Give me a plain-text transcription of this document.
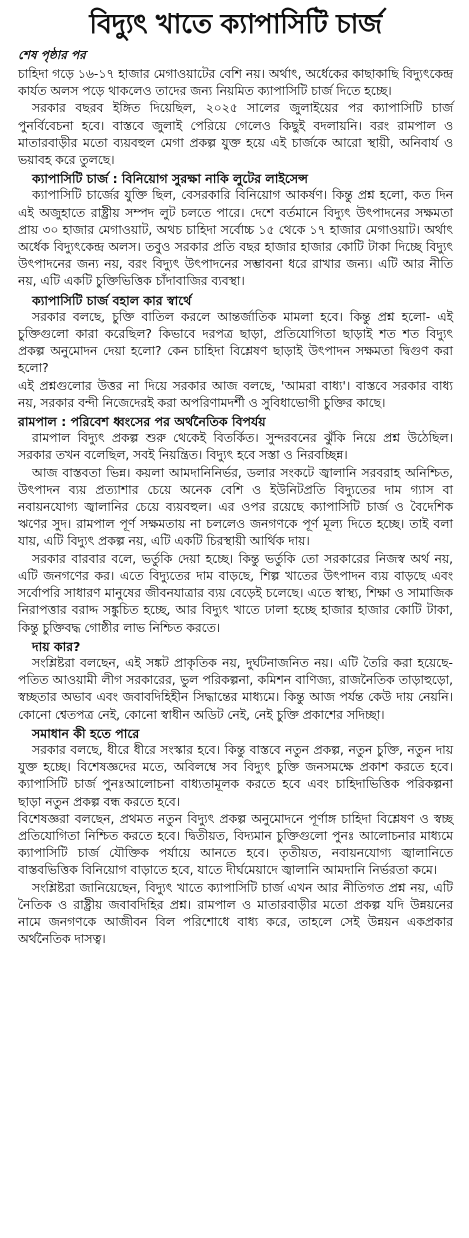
বিদ্যুৎ খাতে ক্যাপাসিটি চার্জ
শেষ পৃষ্ঠার পর

চাহিদা গড়ে ১৬-১৭ হাজার মেগাওয়াটের বেশি নয়। অর্থাৎ, অর্ধেকের কাছাকাছি বিদ্যুৎকেন্দ্র কার্যত অলস পড়ে থাকলেও তাদের জন্য নিয়মিত ক্যাপাসিটি চার্জ দিতে হচ্ছে।

সরকার বছরব ইঙ্গিত দিয়েছিল, ২০২৫ সালের জুলাইয়ের পর ক্যাপাসিটি চার্জ পুনর্বিবেচনা হবে। বাস্তবে জুলাই পেরিয়ে গেলেও কিছুই বদলায়নি। বরং রামপাল ও মাতারবাড়ীর মতো ব্যয়বহুল মেগা প্রকল্প যুক্ত হয়ে এই চার্জকে আরো স্থায়ী, অনিবার্য ও ভয়াবহ করে তুলছে।

ক্যাপাসিটি চার্জ : বিনিয়োগ সুরক্ষা নাকি লুটের লাইসেন্স

ক্যাপাসিটি চার্জের যুক্তি ছিল, বেসরকারি বিনিয়োগ আকর্ষণ। কিন্তু প্রশ্ন হলো, কত দিন এই অজুহাতে রাষ্ট্রীয় সম্পদ লুট চলতে পারে। দেশে বর্তমানে বিদ্যুৎ উৎপাদনের সক্ষমতা প্রায় ৩০ হাজার মেগাওয়াট, অথচ চাহিদা সর্বোচ্চ ১৫ থেকে ১৭ হাজার মেগাওয়াট। অর্থাৎ অর্ধেক বিদ্যুৎকেন্দ্র অলস। তবুও সরকার প্রতি বছর হাজার হাজার কোটি টাকা দিচ্ছে বিদ্যুৎ উৎপাদনের জন্য নয়, বরং বিদ্যুৎ উৎপাদনের সম্ভাবনা ধরে রাখার জন্য। এটি আর নীতি নয়, এটি একটি চুক্তিভিত্তিক চাঁদাবাজির ব্যবস্থা।

ক্যাপাসিটি চার্জ বহাল কার স্বার্থে

সরকার বলছে, চুক্তি বাতিল করলে আন্তর্জাতিক মামলা হবে। কিন্তু প্রশ্ন হলো- এই চুক্তিগুলো কারা করেছিল? কিভাবে দরপত্র ছাড়া, প্রতিযোগিতা ছাড়াই শত শত বিদ্যুৎ প্রকল্প অনুমোদন দেয়া হলো? কেন চাহিদা বিশ্লেষণ ছাড়াই উৎপাদন সক্ষমতা দ্বিগুণ করা হলো?

এই প্রশ্নগুলোর উত্তর না দিয়ে সরকার আজ বলছে, 'আমরা বাধ্য'। বাস্তবে সরকার বাধ্য নয়, সরকার বন্দী নিজেদেরই করা অপরিণামদর্শী ও সুবিধাভোগী চুক্তির কাছে।

রামপাল : পরিবেশ ধ্বংসের পর অর্থনৈতিক বিপর্যয়

রামপাল বিদ্যুৎ প্রকল্প শুরু থেকেই বিতর্কিত। সুন্দরবনের ঝুঁকি নিয়ে প্রশ্ন উঠেছিল। সরকার তখন বলেছিল, সবই নিয়ন্ত্রিত। বিদ্যুৎ হবে সস্তা ও নিরবচ্ছিন্ন।

আজ বাস্তবতা ভিন্ন। কয়লা আমদানিনির্ভর, ডলার সংকটে জ্বালানি সরবরাহ অনিশ্চিত, উৎপাদন ব্যয় প্রত্যাশার চেয়ে অনেক বেশি ও ইউনিটপ্রতি বিদ্যুতের দাম গ্যাস বা নবায়নযোগ্য জ্বালানির চেয়ে ব্যয়বহুল। এর ওপর রয়েছে ক্যাপাসিটি চার্জ ও বৈদেশিক ঋণের সুদ। রামপাল পূর্ণ সক্ষমতায় না চললেও জনগণকে পূর্ণ মূল্য দিতে হচ্ছে। তাই বলা যায়, এটি বিদ্যুৎ প্রকল্প নয়, এটি একটি চিরস্থায়ী আর্থিক দায়।

সরকার বারবার বলে, ভর্তুকি দেয়া হচ্ছে। কিন্তু ভর্তুকি তো সরকারের নিজস্ব অর্থ নয়, এটি জনগণের কর। এতে বিদ্যুতের দাম বাড়ছে, শিল্প খাতের উৎপাদন ব্যয় বাড়ছে এবং সর্বোপরি সাধারণ মানুষের জীবনযাত্রার ব্যয় বেড়েই চলেছে। এতে স্বাস্থ্য, শিক্ষা ও সামাজিক নিরাপত্তার বরাদ্দ সঙ্কুচিত হচ্ছে, আর বিদ্যুৎ খাতে ঢালা হচ্ছে হাজার হাজার কোটি টাকা, কিন্তু চুক্তিবদ্ধ গোষ্ঠীর লাভ নিশ্চিত করতে।

দায় কার?

সংশ্লিষ্টরা বলছেন, এই সঙ্কট প্রাকৃতিক নয়, দুর্ঘটনাজনিত নয়। এটি তৈরি করা হয়েছে- পতিত আওয়ামী লীগ সরকারের, ভুল পরিকল্পনা, কমিশন বাণিজ্য, রাজনৈতিক তাড়াহুড়ো, স্বচ্ছতার অভাব এবং জবাবদিহিহীন সিদ্ধান্তের মাধ্যমে। কিন্তু আজ পর্যন্ত কেউ দায় নেয়নি। কোনো শ্বেতপত্র নেই, কোনো স্বাধীন অডিট নেই, নেই চুক্তি প্রকাশের সদিচ্ছা।

সমাধান কী হতে পারে

সরকার বলছে, ধীরে ধীরে সংস্কার হবে। কিন্তু বাস্তবে নতুন প্রকল্প, নতুন চুক্তি, নতুন দায় যুক্ত হচ্ছে। বিশেষজ্ঞদের মতে, অবিলম্বে সব বিদ্যুৎ চুক্তি জনসমক্ষে প্রকাশ করতে হবে। ক্যাপাসিটি চার্জ পুনঃআলোচনা বাধ্যতামূলক করতে হবে এবং চাহিদাভিত্তিক পরিকল্পনা ছাড়া নতুন প্রকল্প বন্ধ করতে হবে।

বিশেষজ্ঞরা বলছেন, প্রথমত নতুন বিদ্যুৎ প্রকল্প অনুমোদনে পূর্ণাঙ্গ চাহিদা বিশ্লেষণ ও স্বচ্ছ প্রতিযোগিতা নিশ্চিত করতে হবে। দ্বিতীয়ত, বিদ্যমান চুক্তিগুলো পুনঃ আলোচনার মাধ্যমে ক্যাপাসিটি চার্জ যৌক্তিক পর্যায়ে আনতে হবে। তৃতীয়ত, নবায়নযোগ্য জ্বালানিতে বাস্তবভিত্তিক বিনিয়োগ বাড়াতে হবে, যাতে দীর্ঘমেয়াদে জ্বালানি আমদানি নির্ভরতা কমে।

সংশ্লিষ্টরা জানিয়েছেন, বিদ্যুৎ খাতে ক্যাপাসিটি চার্জ এখন আর নীতিগত প্রশ্ন নয়, এটি নৈতিক ও রাষ্ট্রীয় জবাবদিহির প্রশ্ন। রামপাল ও মাতারবাড়ীর মতো প্রকল্প যদি উন্নয়নের নামে জনগণকে আজীবন বিল পরিশোধে বাধ্য করে, তাহলে সেই উন্নয়ন একপ্রকার অর্থনৈতিক দাসত্ব।
